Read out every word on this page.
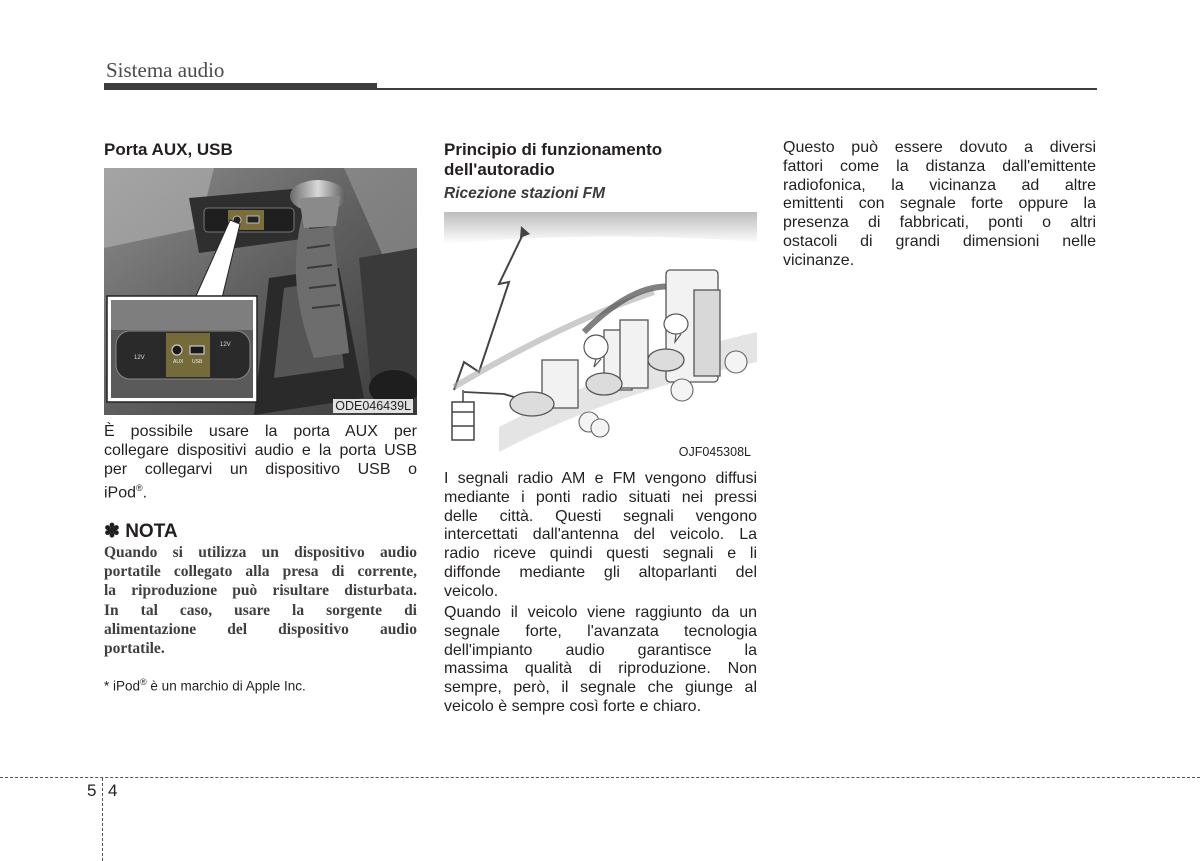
Sistema audio
Porta AUX, USB
12V
AUX USB
12V
ODE046439L
È possibile usare la porta AUX per
collegare dispositivi audio e la porta USB
per collegarvi un dispositivo USB o
iPod®.
✽ NOTA
Quando si utilizza un dispositivo audio
portatile collegato alla presa di corrente,
la riproduzione può risultare disturbata.
In tal caso, usare la sorgente di
alimentazione del dispositivo audio
portatile.
* iPod® è un marchio di Apple Inc.
Principio di funzionamento
dell'autoradio
Ricezione stazioni FM
OJF045308L
I segnali radio AM e FM vengono diffusi
mediante i ponti radio situati nei pressi
delle città. Questi segnali vengono
intercettati dall'antenna del veicolo. La
radio riceve quindi questi segnali e li
diffonde mediante gli altoparlanti del
veicolo.
Quando il veicolo viene raggiunto da un
segnale forte, l'avanzata tecnologia
dell'impianto audio garantisce la
massima qualità di riproduzione. Non
sempre, però, il segnale che giunge al
veicolo è sempre così forte e chiaro.
Questo può essere dovuto a diversi
fattori come la distanza dall'emittente
radiofonica, la vicinanza ad altre
emittenti con segnale forte oppure la
presenza di fabbricati, ponti o altri
ostacoli di grandi dimensioni nelle
vicinanze.
5 4
